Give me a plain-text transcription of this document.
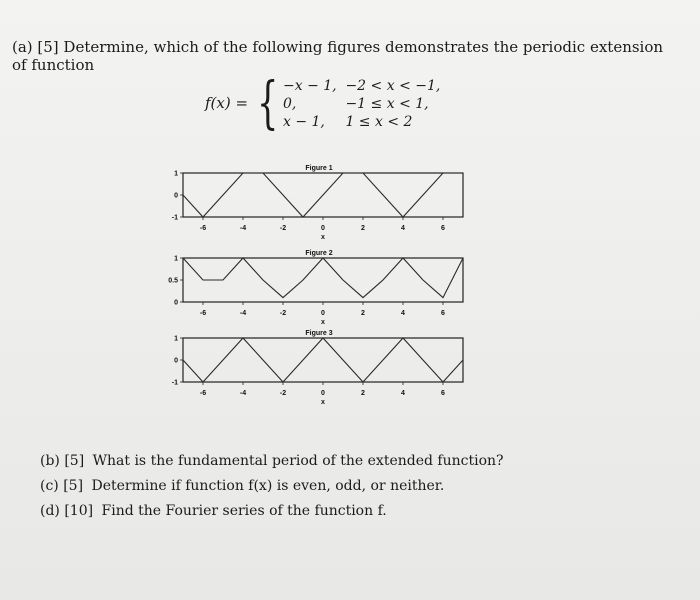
(a) [5] Determine, which of the following figures demonstrates the periodic extension of function
f(x) = { −x − 1, −2 < x < −1,
0,	−1 ≤ x < 1,
x − 1, 1 ≤ x < 2
Figure 1
1
0
-1
-6	-4	-2	0	2	4	6
x
Figure 2
1
0.5
0
-6	-4	-2	0	2	4	6
x
Figure 3
1
0
-1
-6	-4	-2	0	2	4	6
x
(b) [5] What is the fundamental period of the extended function?
(c) [5] Determine if function f(x) is even, odd, or neither.
(d) [10] Find the Fourier series of the function f.
